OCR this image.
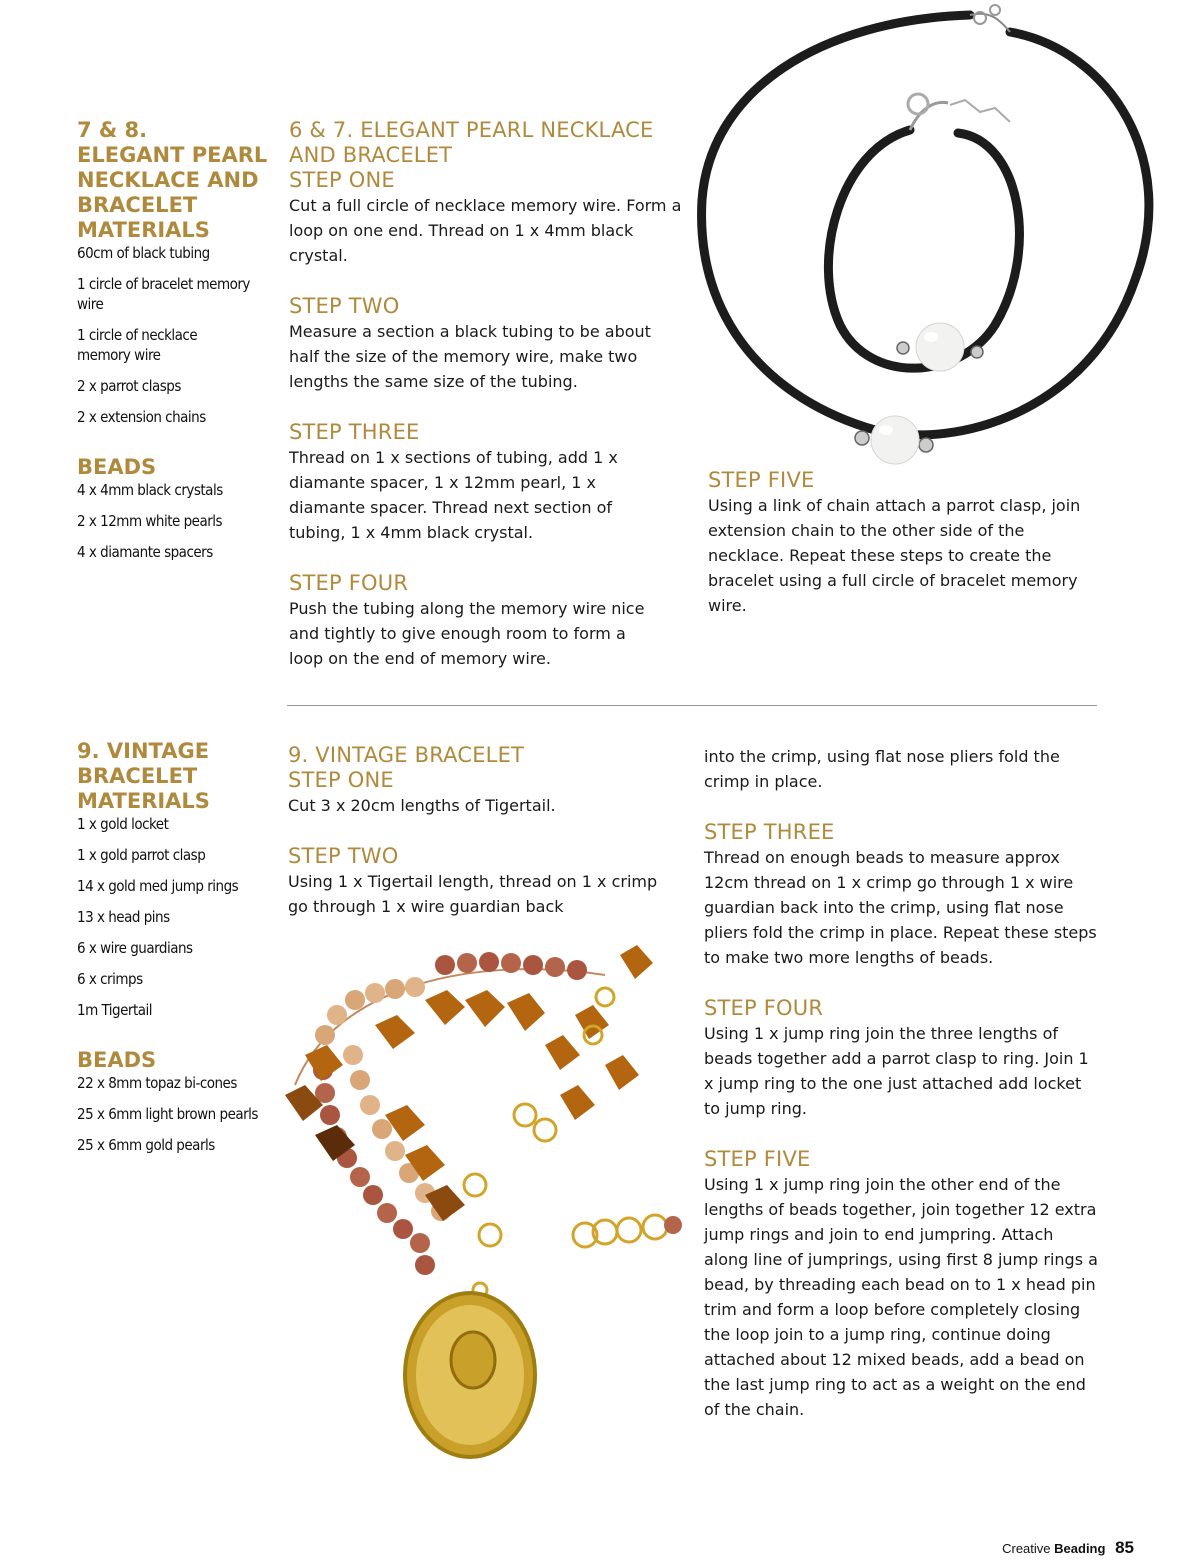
7 & 8.

ELEGANT PEARL

NECKLACE AND

BRACELET

MATERIALS

60cm of black tubing
1 circle of bracelet memory wire
1 circle of necklace memory wire
2 x parrot clasps
2 x extension chains

BEADS

4 x 4mm black crystals
2 x 12mm white pearls
4 x diamante spacers

6 & 7. ELEGANT PEARL NECKLACE

AND BRACELET

STEP ONE

Cut a full circle of necklace memory wire. Form a loop on one end. Thread on 1 x 4mm black crystal.

STEP TWO

Measure a section a black tubing to be about half the size of the memory wire, make two lengths the same size of the tubing.

STEP THREE

Thread on 1 x sections of tubing, add 1 x diamante spacer, 1 x 12mm pearl, 1 x diamante spacer. Thread next section of tubing, 1 x 4mm black crystal.

STEP FOUR

Push the tubing along the memory wire nice and tightly to give enough room to form a loop on the end of memory wire.

STEP FIVE

Using a link of chain attach a parrot clasp, join extension chain to the other side of the necklace. Repeat these steps to create the bracelet using a full circle of bracelet memory wire.

9. VINTAGE

BRACELET

MATERIALS

1 x gold locket
1 x gold parrot clasp
14 x gold med jump rings
13 x head pins
6 x wire guardians
6 x crimps
1m Tigertail

BEADS

22 x 8mm topaz bi-cones
25 x 6mm light brown pearls
25 x 6mm gold pearls

9. VINTAGE BRACELET

STEP ONE

Cut 3 x 20cm lengths of Tigertail.

STEP TWO

Using 1 x Tigertail length, thread on 1 x crimp go through 1 x wire guardian back

into the crimp, using flat nose pliers fold the crimp in place.

STEP THREE

Thread on enough beads to measure approx 12cm thread on 1 x crimp go through 1 x wire guardian back into the crimp, using flat nose pliers fold the crimp in place. Repeat these steps to make two more lengths of beads.

STEP FOUR

Using 1 x jump ring join the three lengths of beads together add a parrot clasp to ring. Join 1 x jump ring to the one just attached add locket to jump ring.

STEP FIVE

Using 1 x jump ring join the other end of the lengths of beads together, join together 12 extra jump rings and join to end jumpring. Attach along line of jumprings, using first 8 jump rings a bead, by threading each bead on to 1 x head pin trim and form a loop before completely closing the loop join to a jump ring, continue doing attached about 12 mixed beads, add a bead on the last jump ring to act as a weight on the end of the chain.

Creative Beading 85
